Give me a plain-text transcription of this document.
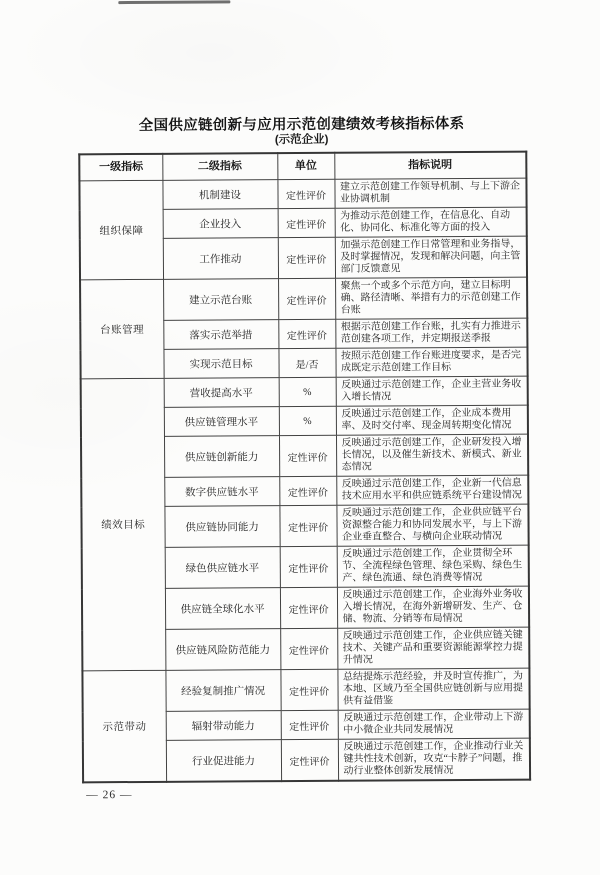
全国供应链创新与应用示范创建绩效考核指标体系
(示范企业)
一级指标	二级指标	单位	指标说明
组织保障	机制建设	定性评价	建立示范创建工作领导机制、与上下游企业协调机制
	企业投入	定性评价	为推动示范创建工作，在信息化、自动化、协同化、标准化等方面的投入
	工作推动	定性评价	加强示范创建工作日常管理和业务指导，及时掌握情况，发现和解决问题，向主管部门反馈意见
台账管理	建立示范台账	定性评价	聚焦一个或多个示范方向，建立目标明确、路径清晰、举措有力的示范创建工作台账
	落实示范举措	定性评价	根据示范创建工作台账，扎实有力推进示范创建各项工作，并定期报送季报
	实现示范目标	是/否	按照示范创建工作台账进度要求，是否完成既定示范创建工作目标
绩效目标	营收提高水平	%	反映通过示范创建工作，企业主营业务收入增长情况
	供应链管理水平	%	反映通过示范创建工作，企业成本费用率、及时交付率、现金周转期变化情况
	供应链创新能力	定性评价	反映通过示范创建工作，企业研发投入增长情况，以及催生新技术、新模式、新业态情况
	数字供应链水平	定性评价	反映通过示范创建工作，企业新一代信息技术应用水平和供应链系统平台建设情况
	供应链协同能力	定性评价	反映通过示范创建工作，企业供应链平台资源整合能力和协同发展水平，与上下游企业垂直整合、与横向企业联动情况
	绿色供应链水平	定性评价	反映通过示范创建工作，企业贯彻全环节、全流程绿色管理、绿色采购、绿色生产、绿色流通、绿色消费等情况
	供应链全球化水平	定性评价	反映通过示范创建工作，企业海外业务收入增长情况，在海外新增研发、生产、仓储、物流、分销等布局情况
	供应链风险防范能力	定性评价	反映通过示范创建工作，企业供应链关键技术、关键产品和重要资源能源掌控力提升情况
示范带动	经验复制推广情况	定性评价	总结提炼示范经验，并及时宣传推广，为本地、区域乃至全国供应链创新与应用提供有益借鉴
	辐射带动能力	定性评价	反映通过示范创建工作，企业带动上下游中小微企业共同发展情况
	行业促进能力	定性评价	反映通过示范创建工作，企业推动行业关键共性技术创新，攻克“卡脖子”问题，推动行业整体创新发展情况
— 26 —
